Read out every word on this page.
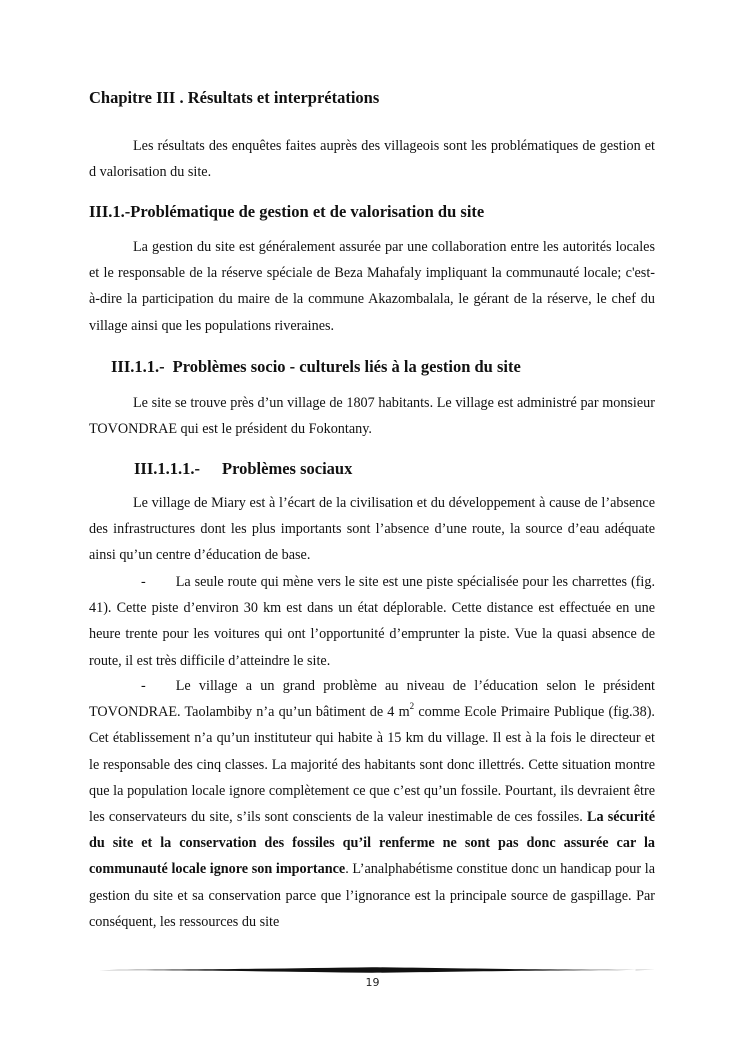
Chapitre III . Résultats et interprétations
Les résultats des enquêtes faites auprès des villageois sont les problématiques de gestion et d valorisation du site.
III.1.-Problématique de gestion et de valorisation du site
La gestion du site est généralement assurée par une collaboration entre les autorités locales et le responsable de la réserve spéciale de Beza Mahafaly impliquant la communauté locale; c'est-à-dire la participation du maire de la commune Akazombalala, le gérant de la réserve, le chef du village ainsi que les populations riveraines.
III.1.1.- Problèmes socio - culturels liés à la gestion du site
Le site se trouve près d’un village de 1807 habitants. Le village est administré par monsieur TOVONDRAE qui est le président du Fokontany.
III.1.1.1.- Problèmes sociaux
Le village de Miary est à l’écart de la civilisation et du développement à cause de l’absence des infrastructures dont les plus importants sont l’absence d’une route, la source d’eau adéquate ainsi qu’un centre d’éducation de base.
- La seule route qui mène vers le site est une piste spécialisée pour les charrettes (fig. 41). Cette piste d’environ 30 km est dans un état déplorable. Cette distance est effectuée en une heure trente pour les voitures qui ont l’opportunité d’emprunter la piste. Vue la quasi absence de route, il est très difficile d’atteindre le site.
- Le village a un grand problème au niveau de l’éducation selon le président TOVONDRAE. Taolambiby n’a qu’un bâtiment de 4 $m^2$ comme Ecole Primaire Publique (fig.38). Cet établissement n’a qu’un instituteur qui habite à 15 km du village. Il est à la fois le directeur et le responsable des cinq classes. La majorité des habitants sont donc illettrés. Cette situation montre que la population locale ignore complètement ce que c’est qu’un fossile. Pourtant, ils devraient être les conservateurs du site, s’ils sont conscients de la valeur inestimable de ces fossiles. La sécurité du site et la conservation des fossiles qu’il renferme ne sont pas donc assurée car la communauté locale ignore son importance. L’analphabétisme constitue donc un handicap pour la gestion du site et sa conservation parce que l’ignorance est la principale source de gaspillage. Par conséquent, les ressources du site
19
